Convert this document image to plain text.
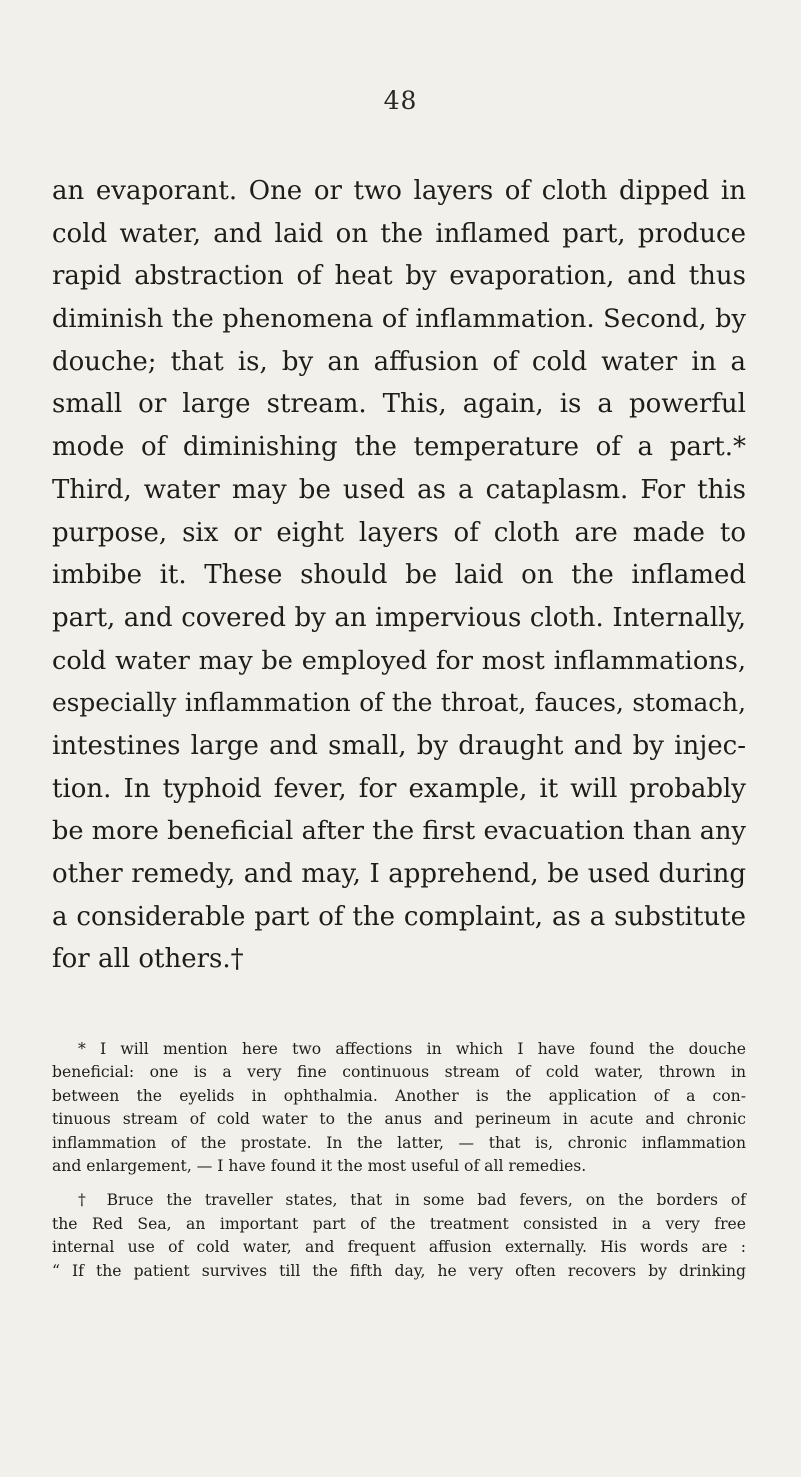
48
an evaporant. One or two layers of cloth dipped in
cold water, and laid on the inflamed part, produce
rapid abstraction of heat by evaporation, and thus
diminish the phenomena of inflammation. Second, by
douche; that is, by an affusion of cold water in a
small or large stream. This, again, is a powerful
mode of diminishing the temperature of a part.*
Third, water may be used as a cataplasm. For this
purpose, six or eight layers of cloth are made to
imbibe it. These should be laid on the inflamed
part, and covered by an impervious cloth. Internally,
cold water may be employed for most inflammations,
especially inflammation of the throat, fauces, stomach,
intestines large and small, by draught and by injec-
tion. In typhoid fever, for example, it will probably
be more beneficial after the first evacuation than any
other remedy, and may, I apprehend, be used during
a considerable part of the complaint, as a substitute
for all others.†
* I will mention here two affections in which I have found the douche
beneficial: one is a very fine continuous stream of cold water, thrown in
between the eyelids in ophthalmia. Another is the application of a con-
tinuous stream of cold water to the anus and perineum in acute and chronic
inflammation of the prostate. In the latter, — that is, chronic inflammation
and enlargement, — I have found it the most useful of all remedies.
† Bruce the traveller states, that in some bad fevers, on the borders of
the Red Sea, an important part of the treatment consisted in a very free
internal use of cold water, and frequent affusion externally. His words are :
“ If the patient survives till the fifth day, he very often recovers by drinking
